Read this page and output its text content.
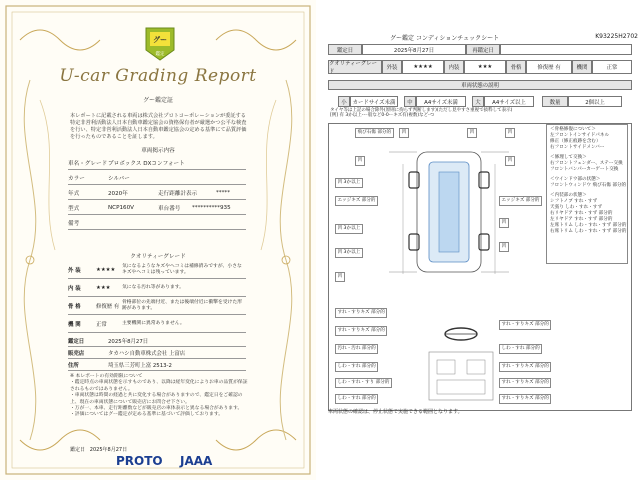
グー
鑑定
U-car Grading Report
グー鑑定証
本レポートに記載される車両は株式会社プロトコーポレーションが委託する特定非営利活動法人日本自動車鑑定協会の資格保有者が厳選かつ公平な検査を行い、特定非営利活動法人日本自動車鑑定協会の定める基準にて品質評価を行ったものであることを証します。
車両掲示内容
車名・グレード プロボックス DXコンフォート
カラー	シルバー
年式	2020年	走行距離計表示	*****
型式	NCP160V	車台番号	**********935
備考
クオリティーグレード
外 装	★★★★
気になるようなキズやヘコミは補修済みですが、小さなキズやヘコミは残っています。
内 装	★★★	気になる汚れ等があります。
骨 格	修復歴 有
骨格部位の先端付近、または後端付近に衝撃を受けた形跡があります。
機 関	正常	主要機関に異常ありません。
鑑定日	2025年8月27日
販売店	タカハシ自動車株式会社 上富店
住所	埼玉県三芳町上富 2513-2
※ 本レポートの有効期限について
・鑑定時点の車両状態を示すものであり、以降は経年変化によりお車の品質が保証されるものではありません。
・車両状態は時間の経過と共に変化する場合がありますので、鑑定日をご確認の上、現在の車両状態について販売店にお問合せ下さい。
・万が一、本車、走行距離数などが販売店の車体表示と異なる場合があります。
・評価についてはグー鑑定が定める基準に基づいて評価しております。
鑑定日 2025年8月27日
PROTO JAAA
グー鑑定 コンディションチェックシート	K93225H2702
鑑定日	2025年8月27日	再鑑定日
クオリティーグレード
外装	★★★★	内装	★★★	骨格	修復歴 有	機関	正常
車両状態の説明
小	カードサイズ未満	中	A4サイズ未満	大	A4サイズ以上	数量	2個以上
タイヤ等は上記の場合除外(原則に拘らず判断します)(ただし見やすさ重視で抜粋して表示)
[例] 有 3か以上-ー般など0-0ーキズ有(複数)など-つ
飛び石傷 部分的	凹	凹	凹
凹	凹
凹 3か以上
エッジキズ 部分的	エッジキズ 部分的
凹
凹 3か以上
凹 3か以上
凹
凹
すれ・すりキズ 部分的
すれ・すりキズ 部分的
すれ・すりキズ 部分的
汚れ・汚れ 部分的	しわ・すれ 部分的
しわ・すれ 部分的	すれ・すりキズ 部分的
しわ・すれ・すり 部分的	すれ・すりキズ 部分的
しわ・すれ 部分的	すれ・すりキズ 部分的
＜骨格修復について＞
左フロントインサイドパネル
修正（修正痕跡を含む）
右フロントサイドメンバー
＜修理して交換＞
右フロントフェンダー、ステー交換
フロントバンパーカーゲート交換
＜ウインドウ部の状態＞
フロントウィンドウ 飛び石傷 部分的
＜内装部の状態＞
シフトノブ すれ・すず
天張り しわ・すれ・すず
右リヤドア すれ・すず 部分的
左リヤドア すれ・すず 部分的
左席トリム しわ・すれ・すず 部分的
右席トリム しわ・すれ・すず 部分的
車両状態の確認は、停止状態で実施できる範囲となります。
